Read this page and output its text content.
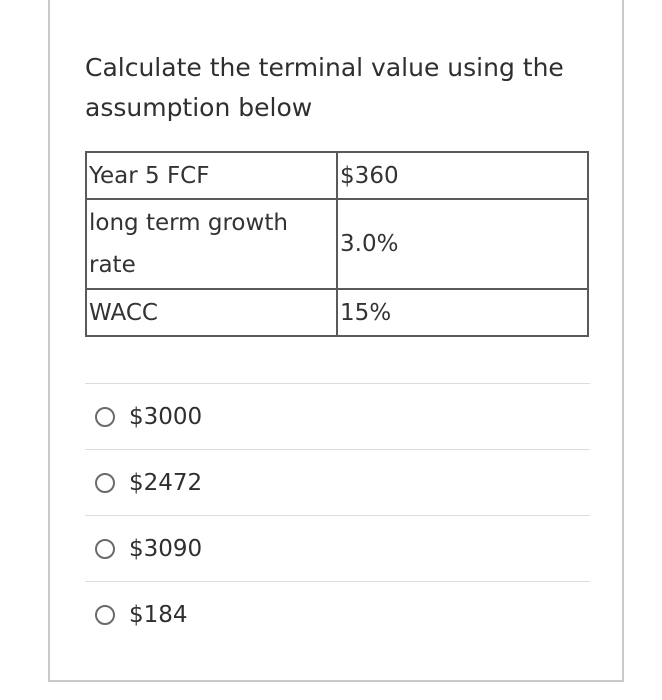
Calculate the terminal value using the
assumption below
Year 5 FCF	$360
long term growth rate	3.0%
WACC	15%
$3000
$2472
$3090
$184
